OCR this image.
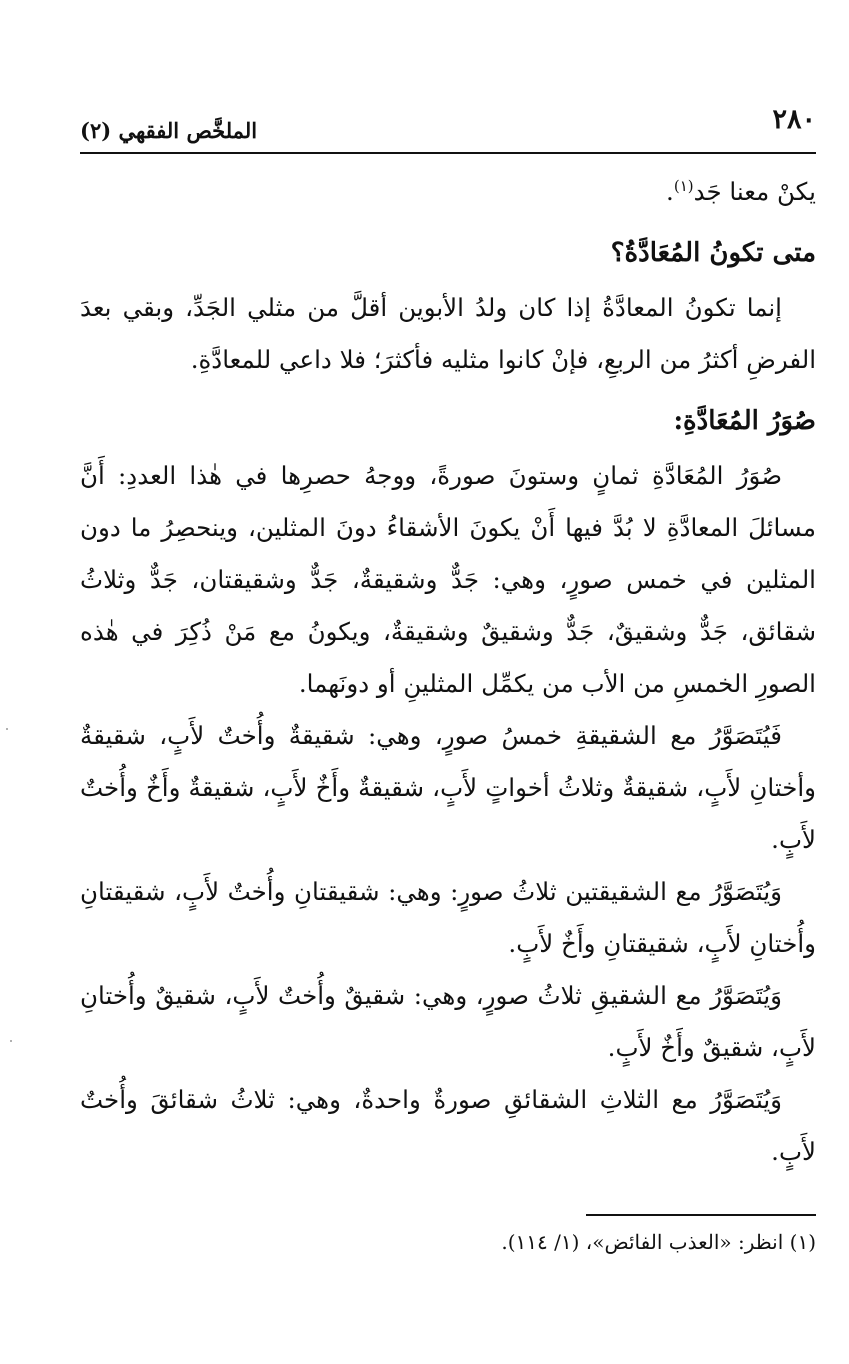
٢٨٠
الملخَّص الفقهي (٢)

يكنْ معنا جَد$^{(١)}$.

متى تكونُ المُعَادَّةُ؟

إنما تكونُ المعادَّةُ إذا كان ولدُ الأبوين أقلَّ من مثلي الجَدِّ، وبقي بعدَ الفرضِ أكثرُ من الربعِ، فإنْ كانوا مثليه فأكثرَ؛ فلا داعي للمعادَّةِ.

صُوَرُ المُعَادَّةِ:

صُوَرُ المُعَادَّةِ ثمانٍ وستونَ صورةً، ووجهُ حصرِها في هٰذا العددِ: أَنَّ مسائلَ المعادَّةِ لا بُدَّ فيها أَنْ يكونَ الأشقاءُ دونَ المثلين، وينحصِرُ ما دون المثلين في خمس صورٍ، وهي: جَدٌّ وشقيقةٌ، جَدٌّ وشقيقتان، جَدٌّ وثلاثُ شقائق، جَدٌّ وشقيقٌ، جَدٌّ وشقيقٌ وشقيقةٌ، ويكونُ مع مَنْ ذُكِرَ في هٰذه الصورِ الخمسِ من الأب من يكمِّل المثلينِ أو دونَهما.

فَيُتَصَوَّرُ مع الشقيقةِ خمسُ صورٍ، وهي: شقيقةٌ وأُختٌ لأَبٍ، شقيقةٌ وأختانِ لأَبٍ، شقيقةٌ وثلاثُ أخواتٍ لأَبٍ، شقيقةٌ وأَخٌ لأَبٍ، شقيقةٌ وأَخٌ وأُختٌ لأَبٍ.

وَيُتَصَوَّرُ مع الشقيقتين ثلاثُ صورٍ: وهي: شقيقتانِ وأُختٌ لأَبٍ، شقيقتانِ وأُختانِ لأَبٍ، شقيقتانِ وأَخٌ لأَبٍ.

وَيُتَصَوَّرُ مع الشقيقِ ثلاثُ صورٍ، وهي: شقيقٌ وأُختٌ لأَبٍ، شقيقٌ وأُختانِ لأَبٍ، شقيقٌ وأَخٌ لأَبٍ.

وَيُتَصَوَّرُ مع الثلاثِ الشقائقِ صورةٌ واحدةٌ، وهي: ثلاثُ شقائقَ وأُختٌ لأَبٍ.

(١) انظر: «العذب الفائض»، (١/ ١١٤).
